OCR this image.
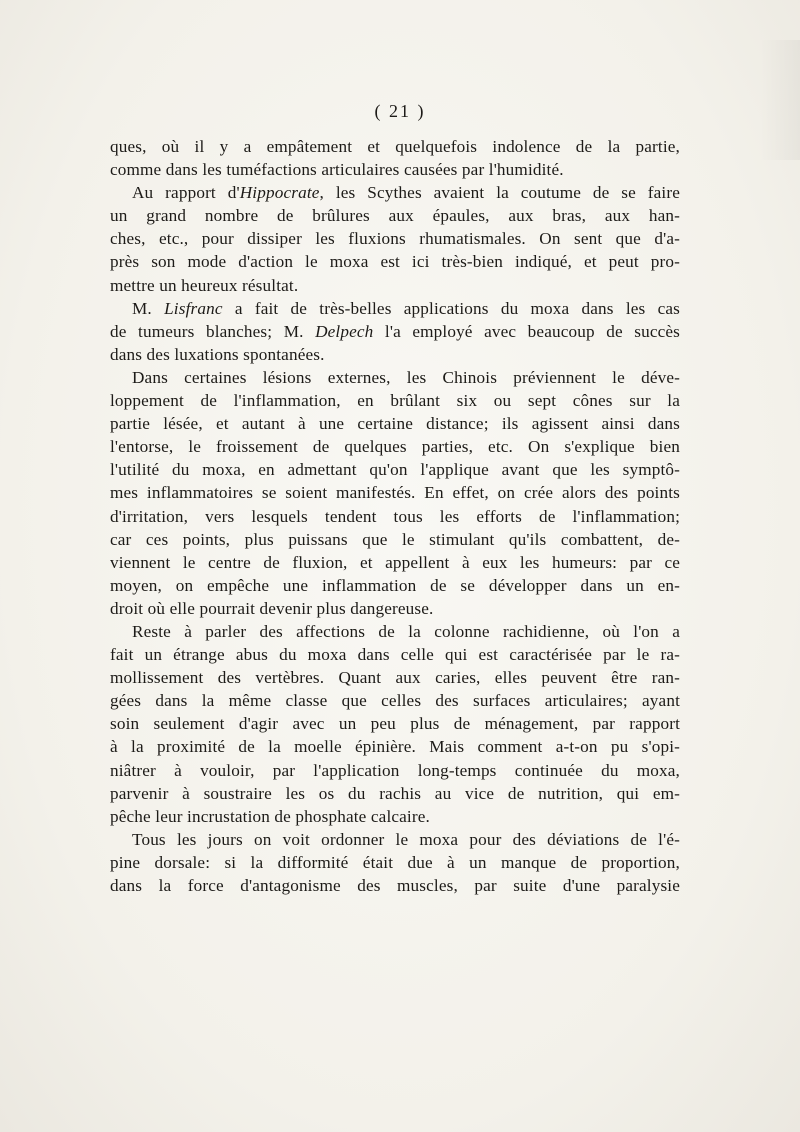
( 21 )
ques, où il y a empâtement et quelquefois indolence de la partie,
comme dans les tuméfactions articulaires causées par l'humidité.
Au rapport d'Hippocrate, les Scythes avaient la coutume de se faire
un grand nombre de brûlures aux épaules, aux bras, aux han-
ches, etc., pour dissiper les fluxions rhumatismales. On sent que d'a-
près son mode d'action le moxa est ici très-bien indiqué, et peut pro-
mettre un heureux résultat.
M. Lisfranc a fait de très-belles applications du moxa dans les cas
de tumeurs blanches; M. Delpech l'a employé avec beaucoup de succès
dans des luxations spontanées.
Dans certaines lésions externes, les Chinois préviennent le déve-
loppement de l'inflammation, en brûlant six ou sept cônes sur la
partie lésée, et autant à une certaine distance; ils agissent ainsi dans
l'entorse, le froissement de quelques parties, etc. On s'explique bien
l'utilité du moxa, en admettant qu'on l'applique avant que les symptô-
mes inflammatoires se soient manifestés. En effet, on crée alors des points
d'irritation, vers lesquels tendent tous les efforts de l'inflammation;
car ces points, plus puissans que le stimulant qu'ils combattent, de-
viennent le centre de fluxion, et appellent à eux les humeurs: par ce
moyen, on empêche une inflammation de se développer dans un en-
droit où elle pourrait devenir plus dangereuse.
Reste à parler des affections de la colonne rachidienne, où l'on a
fait un étrange abus du moxa dans celle qui est caractérisée par le ra-
mollissement des vertèbres. Quant aux caries, elles peuvent être ran-
gées dans la même classe que celles des surfaces articulaires; ayant
soin seulement d'agir avec un peu plus de ménagement, par rapport
à la proximité de la moelle épinière. Mais comment a-t-on pu s'opi-
niâtrer à vouloir, par l'application long-temps continuée du moxa,
parvenir à soustraire les os du rachis au vice de nutrition, qui em-
pêche leur incrustation de phosphate calcaire.
Tous les jours on voit ordonner le moxa pour des déviations de l'é-
pine dorsale: si la difformité était due à un manque de proportion,
dans la force d'antagonisme des muscles, par suite d'une paralysie
